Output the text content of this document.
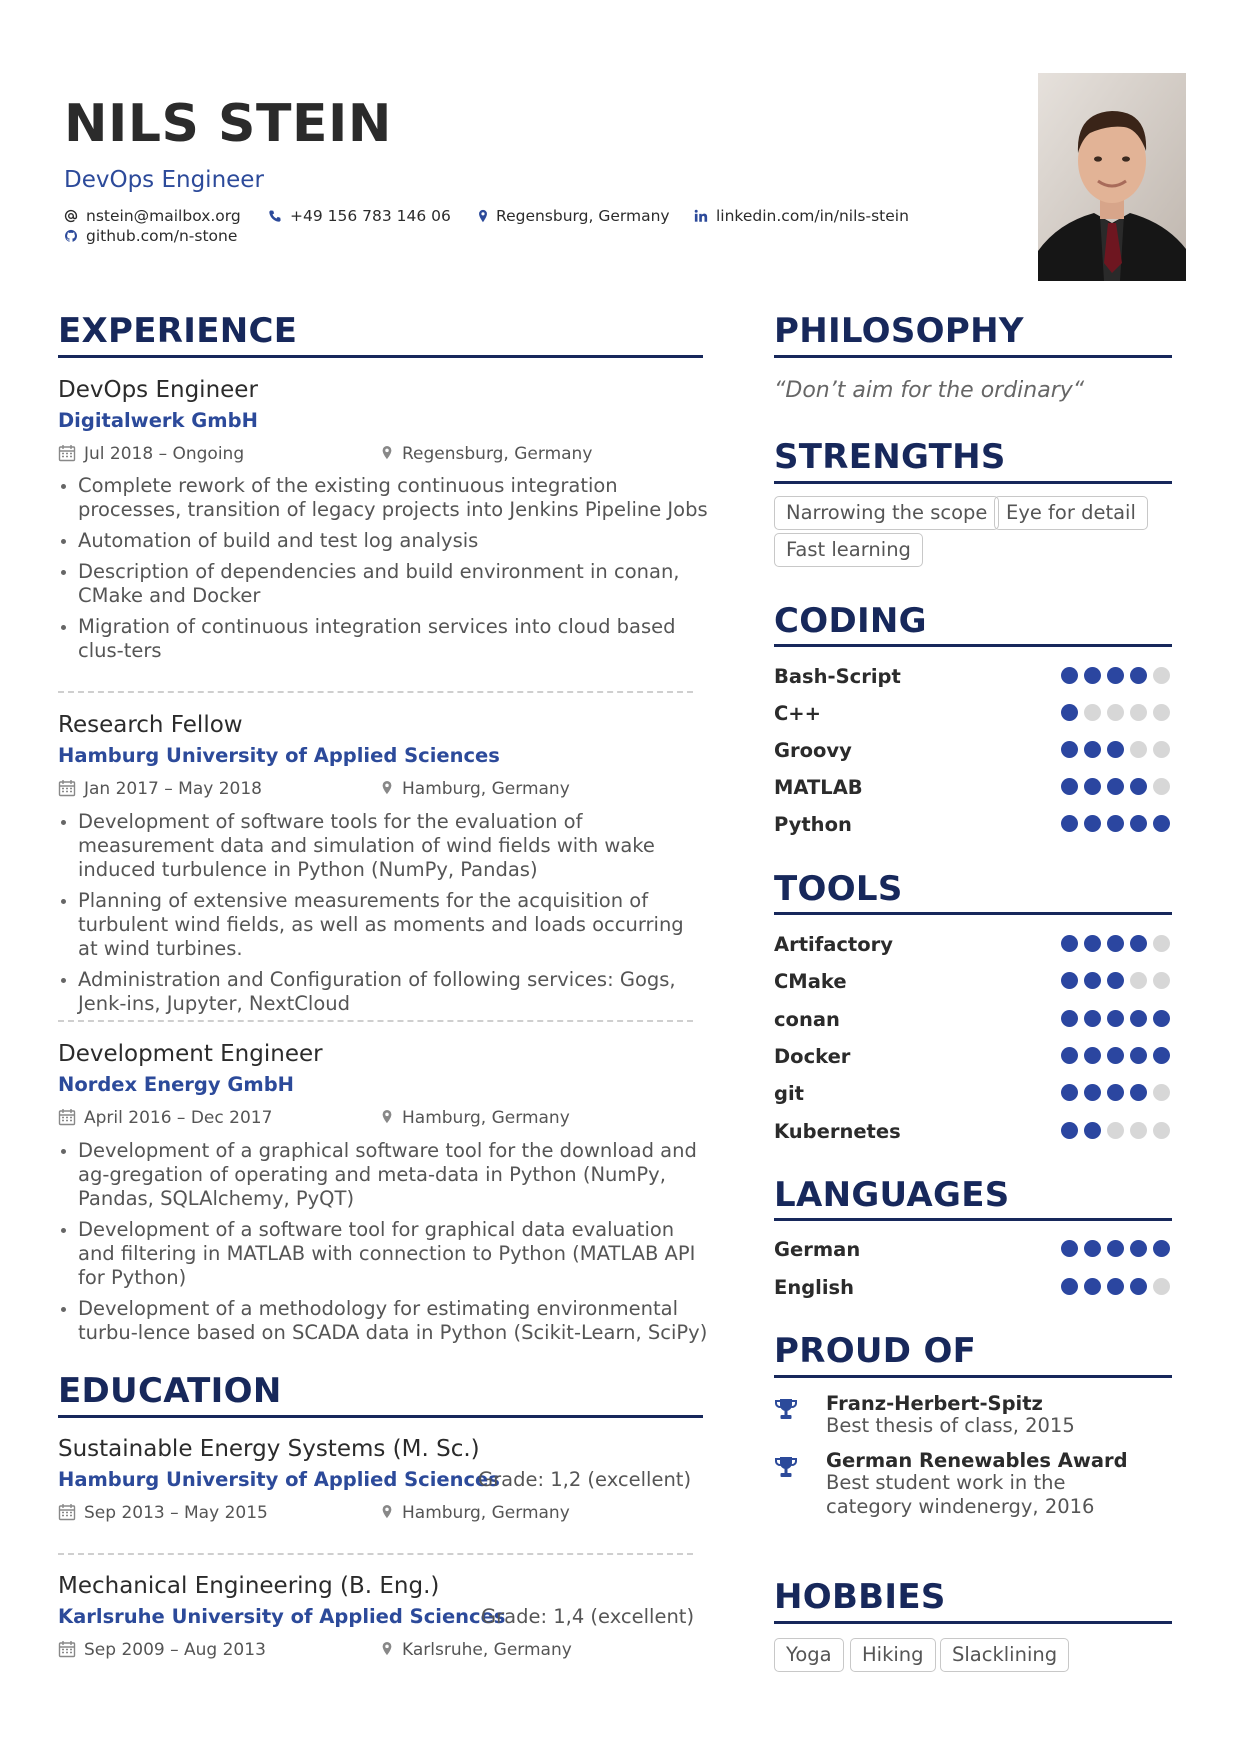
NILS STEIN
DevOps Engineer
nstein@mailbox.org	+49 156 783 146 06	Regensburg, Germany	linkedin.com/in/nils-stein
github.com/n-stone
EXPERIENCE
DevOps Engineer
Digitalwerk GmbH
Jul 2018 – Ongoing	Regensburg, Germany
Complete rework of the existing continuous integration processes, transition of legacy projects into Jenkins Pipeline Jobs
Automation of build and test log analysis
Description of dependencies and build environment in conan, CMake and Docker
Migration of continuous integration services into cloud based clus-ters
Research Fellow
Hamburg University of Applied Sciences
Jan 2017 – May 2018	Hamburg, Germany
Development of software tools for the evaluation of measurement data and simulation of wind fields with wake induced turbulence in Python (NumPy, Pandas)
Planning of extensive measurements for the acquisition of turbulent wind fields, as well as moments and loads occurring at wind turbines.
Administration and Configuration of following services: Gogs, Jenk-ins, Jupyter, NextCloud
Development Engineer
Nordex Energy GmbH
April 2016 – Dec 2017	Hamburg, Germany
Development of a graphical software tool for the download and ag-gregation of operating and meta-data in Python (NumPy, Pandas, SQLAlchemy, PyQT)
Development of a software tool for graphical data evaluation and filtering in MATLAB with connection to Python (MATLAB API for Python)
Development of a methodology for estimating environmental turbu-lence based on SCADA data in Python (Scikit-Learn, SciPy)
EDUCATION
Sustainable Energy Systems (M. Sc.)
Hamburg University of Applied Sciences
Grade: 1,2 (excellent)
Sep 2013 – May 2015	Hamburg, Germany
Mechanical Engineering (B. Eng.)
Karlsruhe University of Applied Sciences
Grade: 1,4 (excellent)
Sep 2009 – Aug 2013	Karlsruhe, Germany
PHILOSOPHY
“Don’t aim for the ordinary“
STRENGTHS
Narrowing the scope Eye for detail
Fast learning
CODING
Bash-Script
C++
Groovy
MATLAB
Python
TOOLS
Artifactory
CMake
conan
Docker
git
Kubernetes
LANGUAGES
German
English
PROUD OF
Franz-Herbert-Spitz
Best thesis of class, 2015
German Renewables Award
Best student work in the category windenergy, 2016
HOBBIES
Yoga	Hiking	Slacklining
